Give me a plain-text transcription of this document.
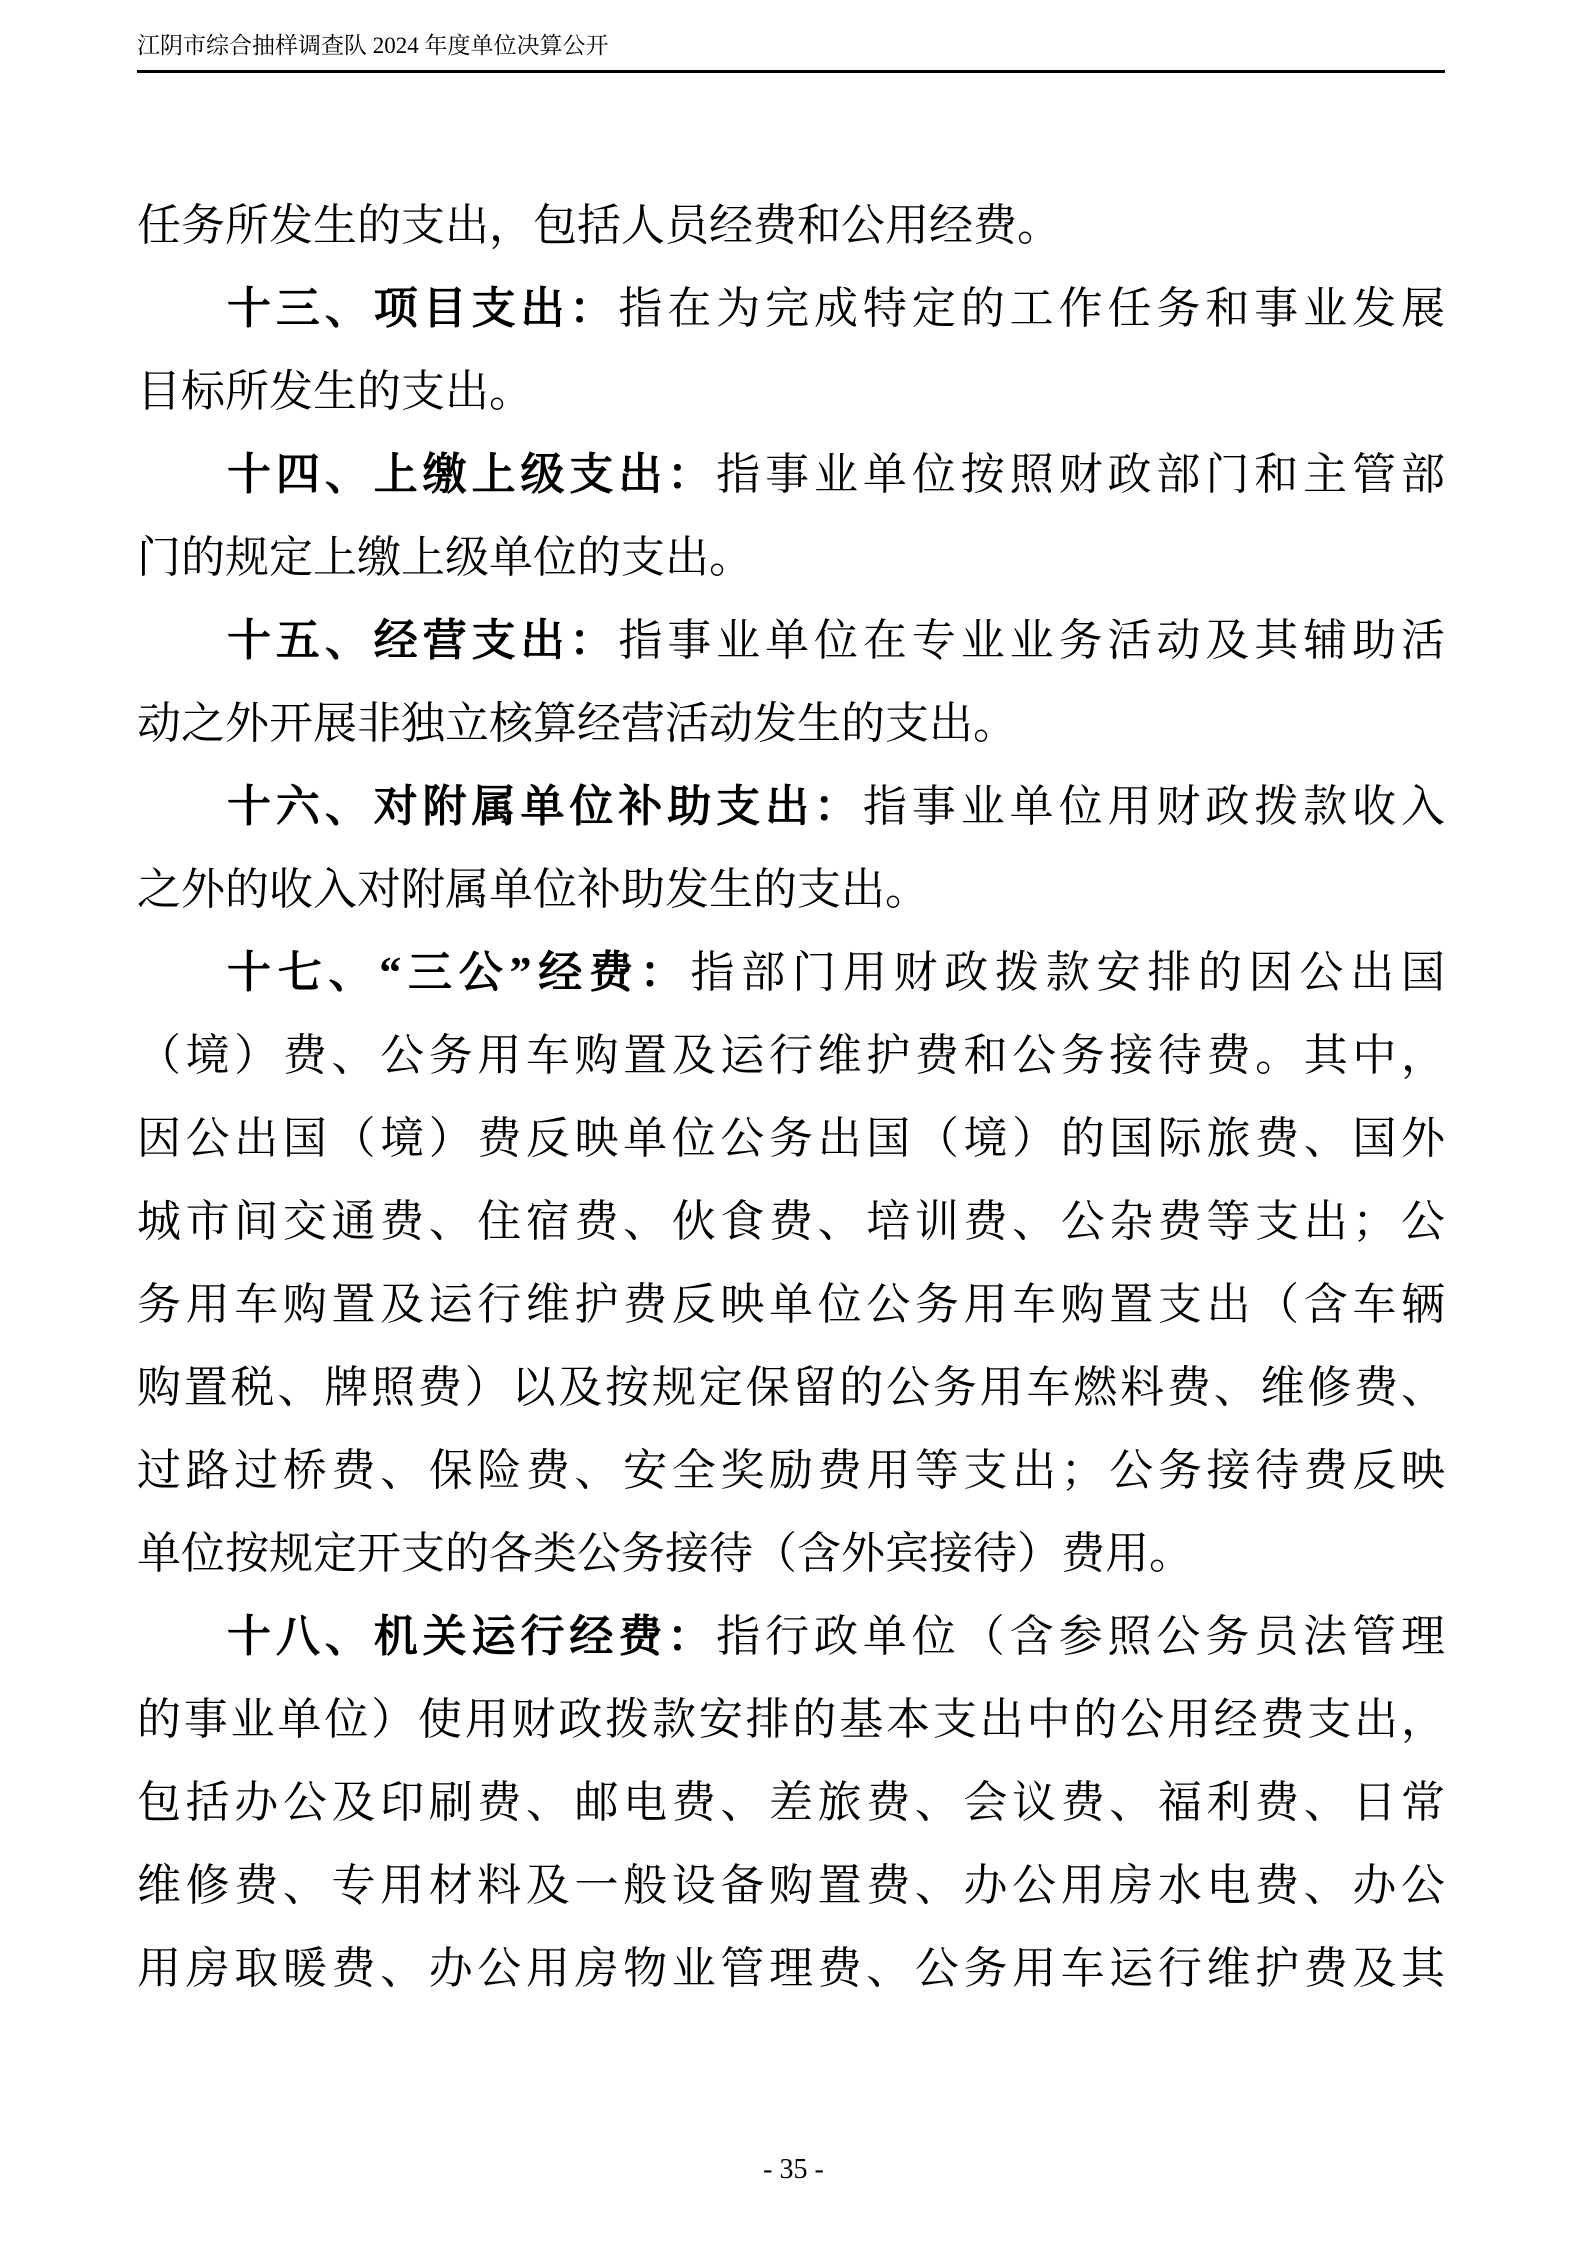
江阴市综合抽样调查队 2024 年度单位决算公开
任务所发生的支出，包括人员经费和公用经费。
十三、项目支出：指在为完成特定的工作任务和事业发展
目标所发生的支出。
十四、上缴上级支出：指事业单位按照财政部门和主管部
门的规定上缴上级单位的支出。
十五、经营支出：指事业单位在专业业务活动及其辅助活
动之外开展非独立核算经营活动发生的支出。
十六、对附属单位补助支出：指事业单位用财政拨款收入
之外的收入对附属单位补助发生的支出。
十七、“三公”经费：指部门用财政拨款安排的因公出国
（境）费、公务用车购置及运行维护费和公务接待费。其中，
因公出国（境）费反映单位公务出国（境）的国际旅费、国外
城市间交通费、住宿费、伙食费、培训费、公杂费等支出；公
务用车购置及运行维护费反映单位公务用车购置支出（含车辆
购置税、牌照费）以及按规定保留的公务用车燃料费、维修费、
过路过桥费、保险费、安全奖励费用等支出；公务接待费反映
单位按规定开支的各类公务接待（含外宾接待）费用。
十八、机关运行经费：指行政单位（含参照公务员法管理
的事业单位）使用财政拨款安排的基本支出中的公用经费支出，
包括办公及印刷费、邮电费、差旅费、会议费、福利费、日常
维修费、专用材料及一般设备购置费、办公用房水电费、办公
用房取暖费、办公用房物业管理费、公务用车运行维护费及其
- 35 -
